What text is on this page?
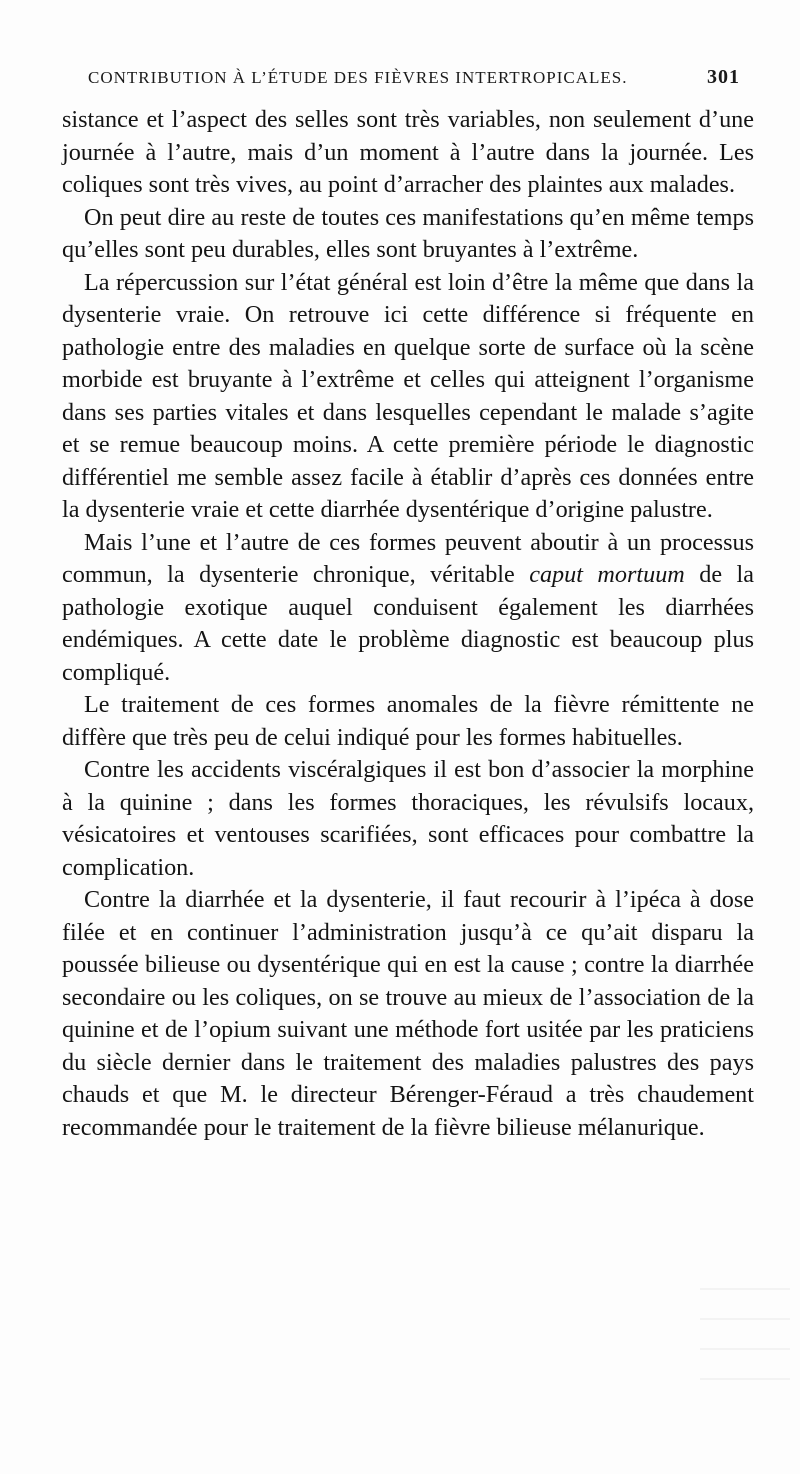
CONTRIBUTION À L’ÉTUDE DES FIÈVRES INTERTROPICALES.	301

sistance et l’aspect des selles sont très variables, non seulement d’une journée à l’autre, mais d’un moment à l’autre dans la journée. Les coliques sont très vives, au point d’arracher des plaintes aux malades.

On peut dire au reste de toutes ces manifestations qu’en même temps qu’elles sont peu durables, elles sont bruyantes à l’extrême.

La répercussion sur l’état général est loin d’être la même que dans la dysenterie vraie. On retrouve ici cette différence si fréquente en pathologie entre des maladies en quelque sorte de surface où la scène morbide est bruyante à l’extrême et celles qui atteignent l’organisme dans ses parties vitales et dans lesquelles cependant le malade s’agite et se remue beaucoup moins. A cette première période le diagnostic différentiel me semble assez facile à établir d’après ces données entre la dysenterie vraie et cette diarrhée dysentérique d’origine palustre.

Mais l’une et l’autre de ces formes peuvent aboutir à un processus commun, la dysenterie chronique, véritable caput mortuum de la pathologie exotique auquel conduisent également les diarrhées endémiques. A cette date le problème diagnostic est beaucoup plus compliqué.

Le traitement de ces formes anomales de la fièvre rémittente ne diffère que très peu de celui indiqué pour les formes habituelles.

Contre les accidents viscéralgiques il est bon d’associer la morphine à la quinine ; dans les formes thoraciques, les révulsifs locaux, vésicatoires et ventouses scarifiées, sont efficaces pour combattre la complication.

Contre la diarrhée et la dysenterie, il faut recourir à l’ipéca à dose filée et en continuer l’administration jusqu’à ce qu’ait disparu la poussée bilieuse ou dysentérique qui en est la cause ; contre la diarrhée secondaire ou les coliques, on se trouve au mieux de l’association de la quinine et de l’opium suivant une méthode fort usitée par les praticiens du siècle dernier dans le traitement des maladies palustres des pays chauds et que M. le directeur Bérenger-Féraud a très chaudement recommandée pour le traitement de la fièvre bilieuse mélanurique.
